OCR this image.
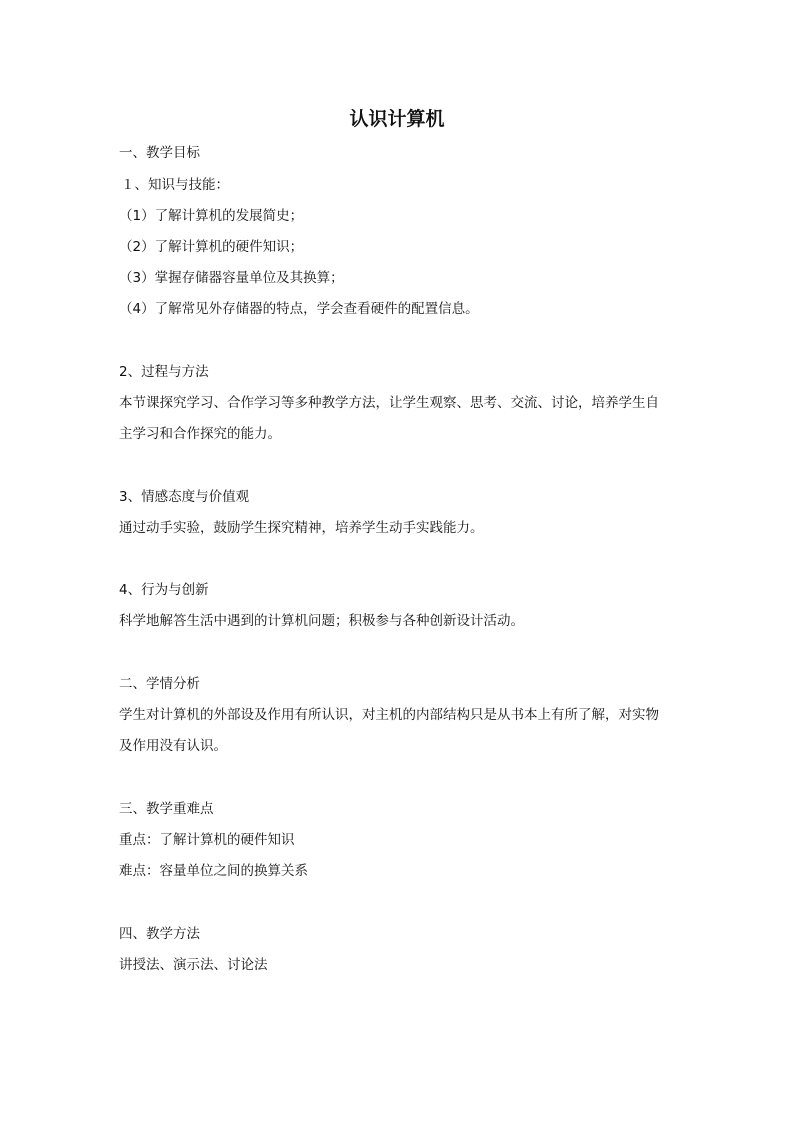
认识计算机
一、教学目标
１、知识与技能：
（1）了解计算机的发展简史；
（2）了解计算机的硬件知识；
（3）掌握存储器容量单位及其换算；
（4）了解常见外存储器的特点，学会查看硬件的配置信息。
2、过程与方法
本节课探究学习、合作学习等多种教学方法，让学生观察、思考、交流、讨论，培养学生自
主学习和合作探究的能力。
3、情感态度与价值观
通过动手实验，鼓励学生探究精神，培养学生动手实践能力。
4、行为与创新
科学地解答生活中遇到的计算机问题；积极参与各种创新设计活动。
二、学情分析
学生对计算机的外部设及作用有所认识，对主机的内部结构只是从书本上有所了解，对实物
及作用没有认识。
三、教学重难点
重点：了解计算机的硬件知识
难点：容量单位之间的换算关系
四、教学方法
讲授法、演示法、讨论法
